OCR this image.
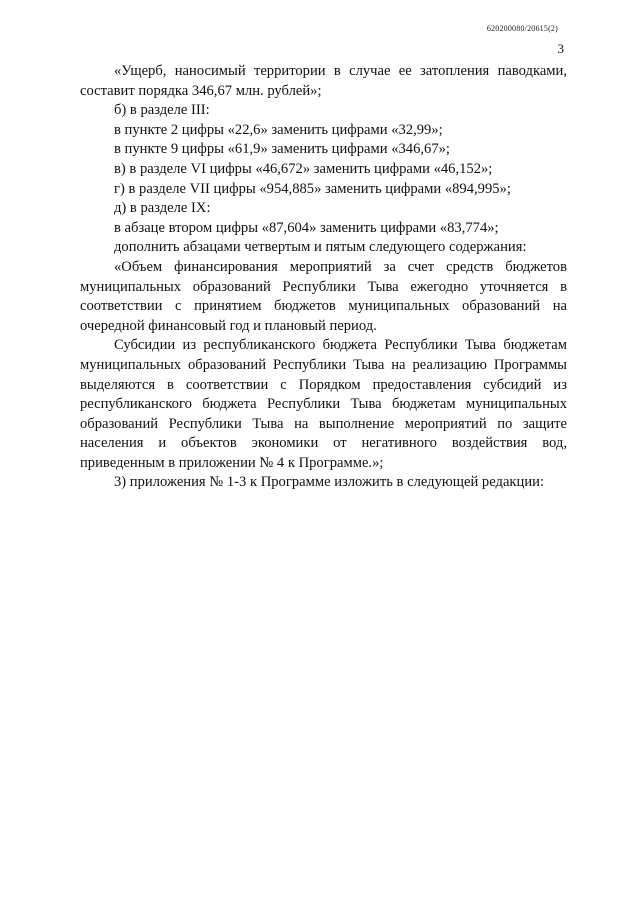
620200080/20615(2)
3

«Ущерб, наносимый территории в случае ее затопления паводками, составит порядка 346,67 млн. рублей»;

б) в разделе III:

в пункте 2 цифры «22,6» заменить цифрами «32,99»;

в пункте 9 цифры «61,9» заменить цифрами «346,67»;

в) в разделе VI цифры «46,672» заменить цифрами «46,152»;

г) в разделе VII цифры «954,885» заменить цифрами «894,995»;

д) в разделе IX:

в абзаце втором цифры «87,604» заменить цифрами «83,774»;

дополнить абзацами четвертым и пятым следующего содержания:

«Объем финансирования мероприятий за счет средств бюджетов муниципальных образований Республики Тыва ежегодно уточняется в соответствии с принятием бюджетов муниципальных образований на очередной финансовый год и плановый период.

Субсидии из республиканского бюджета Республики Тыва бюджетам муниципальных образований Республики Тыва на реализацию Программы выделяются в соответствии с Порядком предоставления субсидий из республиканского бюджета Республики Тыва бюджетам муниципальных образований Республики Тыва на выполнение мероприятий по защите населения и объектов экономики от негативного воздействия вод, приведенным в приложении № 4 к Программе.»;

3) приложения № 1-3 к Программе изложить в следующей редакции:
